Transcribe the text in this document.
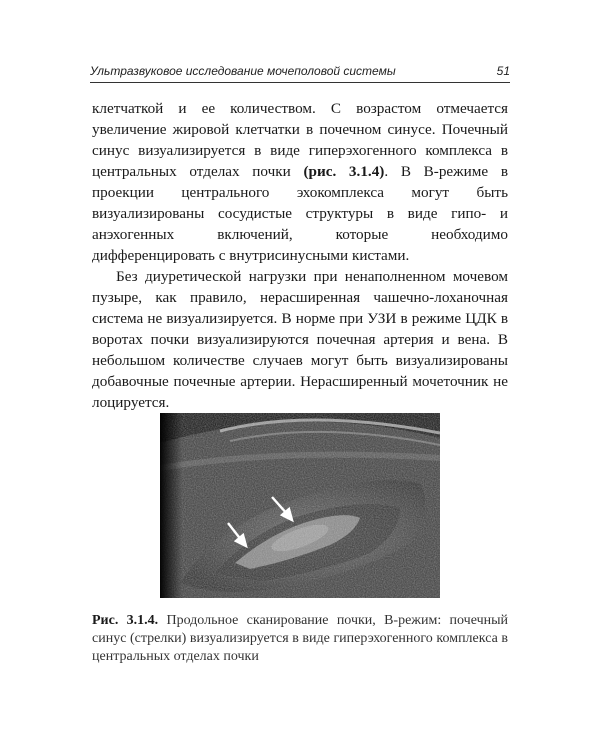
Ультразвуковое исследование мочеполовой системы	51

клетчаткой и ее количеством. С возрастом отмечается увеличение жировой клетчатки в почечном синусе. Почечный синус визуализируется в виде гиперэхогенного комплекса в центральных отделах почки (рис. 3.1.4). В В-режиме в проекции центрального эхокомплекса могут быть визуализированы сосудистые структуры в виде гипо- и анэхогенных включений, которые необходимо дифференцировать с внутрисинусными кистами.

Без диуретической нагрузки при ненаполненном мочевом пузыре, как правило, нерасширенная чашечно-лоханочная система не визуализируется. В норме при УЗИ в режиме ЦДК в воротах почки визуализируются почечная артерия и вена. В небольшом количестве случаев могут быть визуализированы добавочные почечные артерии. Нерасширенный мочеточник не лоцируется.

Рис. 3.1.4. Продольное сканирование почки, В-режим: почечный синус (стрелки) визуализируется в виде гиперэхогенного комплекса в центральных отделах почки
